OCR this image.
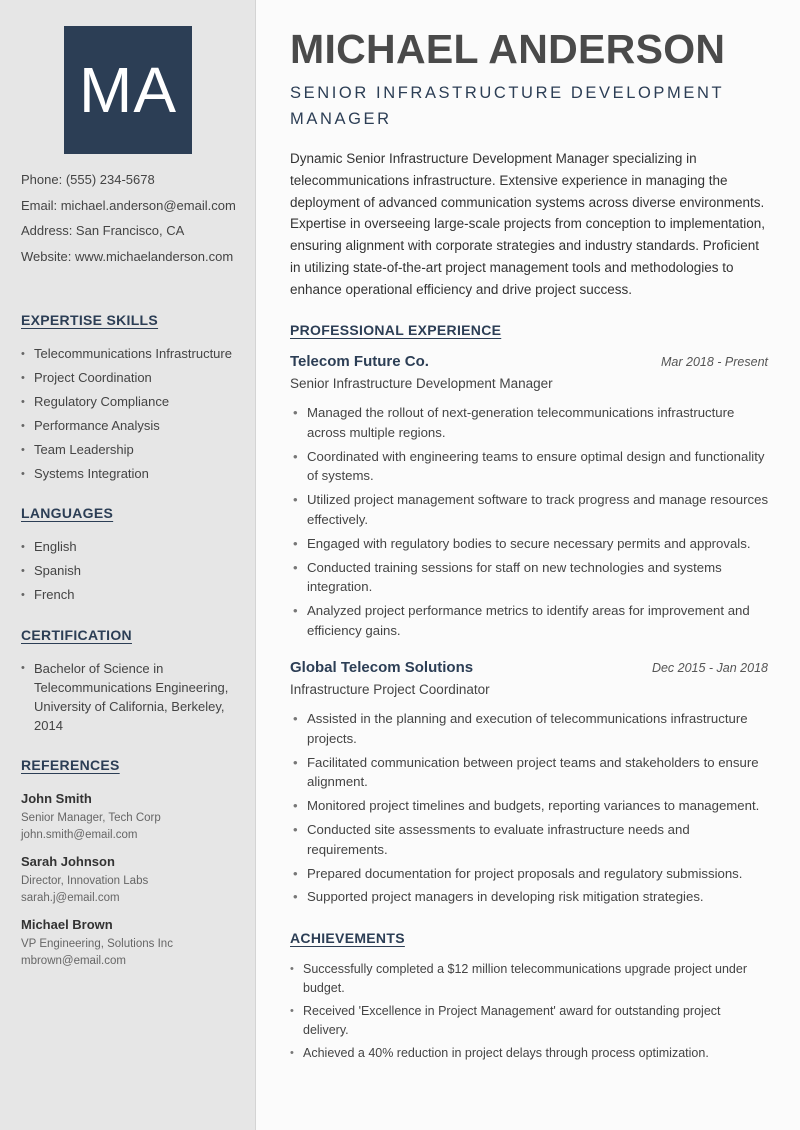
MA
Phone: (555) 234-5678
Email: michael.anderson@email.com
Address: San Francisco, CA
Website: www.michaelanderson.com
EXPERTISE SKILLS
• Telecommunications Infrastructure
• Project Coordination
• Regulatory Compliance
• Performance Analysis
• Team Leadership
• Systems Integration
LANGUAGES
• English
• Spanish
• French
CERTIFICATION
• Bachelor of Science in Telecommunications Engineering, University of California, Berkeley, 2014
REFERENCES
John Smith
Senior Manager, Tech Corp
john.smith@email.com
Sarah Johnson
Director, Innovation Labs
sarah.j@email.com
Michael Brown
VP Engineering, Solutions Inc
mbrown@email.com
MICHAEL ANDERSON
SENIOR INFRASTRUCTURE DEVELOPMENT MANAGER

Dynamic Senior Infrastructure Development Manager specializing in telecommunications infrastructure. Extensive experience in managing the deployment of advanced communication systems across diverse environments. Expertise in overseeing large-scale projects from conception to implementation, ensuring alignment with corporate strategies and industry standards. Proficient in utilizing state-of-the-art project management tools and methodologies to enhance operational efficiency and drive project success.

PROFESSIONAL EXPERIENCE
Telecom Future Co.	Mar 2018 - Present
Senior Infrastructure Development Manager
• Managed the rollout of next-generation telecommunications infrastructure across multiple regions.
• Coordinated with engineering teams to ensure optimal design and functionality of systems.
• Utilized project management software to track progress and manage resources effectively.
• Engaged with regulatory bodies to secure necessary permits and approvals.
• Conducted training sessions for staff on new technologies and systems integration.
• Analyzed project performance metrics to identify areas for improvement and efficiency gains.
Global Telecom Solutions	Dec 2015 - Jan 2018
Infrastructure Project Coordinator
• Assisted in the planning and execution of telecommunications infrastructure projects.
• Facilitated communication between project teams and stakeholders to ensure alignment.
• Monitored project timelines and budgets, reporting variances to management.
• Conducted site assessments to evaluate infrastructure needs and requirements.
• Prepared documentation for project proposals and regulatory submissions.
• Supported project managers in developing risk mitigation strategies.
ACHIEVEMENTS
• Successfully completed a $12 million telecommunications upgrade project under budget.
• Received 'Excellence in Project Management' award for outstanding project delivery.
• Achieved a 40% reduction in project delays through process optimization.
